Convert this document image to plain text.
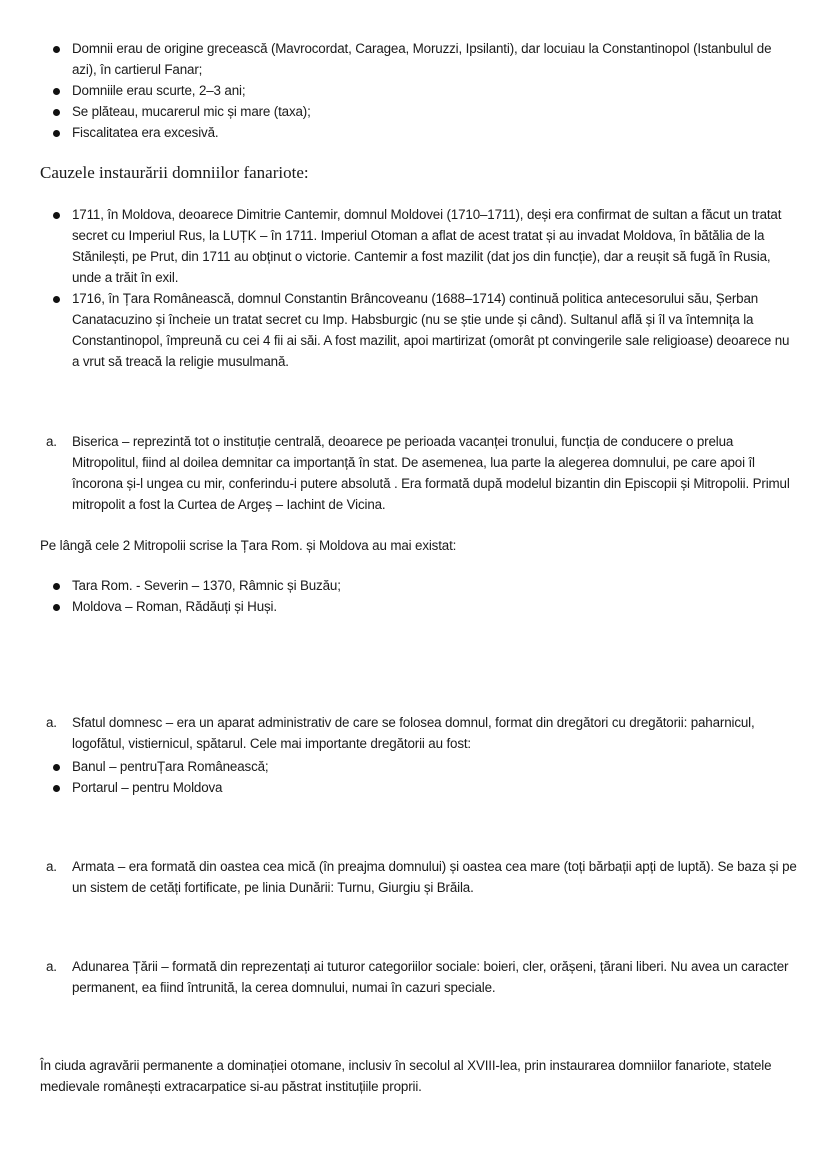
Domnii erau de origine grecească (Mavrocordat, Caragea, Moruzzi, Ipsilanti), dar locuiau la Constantinopol (Istanbulul de azi), în cartierul Fanar;
Domniile erau scurte, 2–3 ani;
Se plăteau, mucarerul mic și mare (taxa);
Fiscalitatea era excesivă.
Cauzele instaurării domniilor fanariote:
1711, în Moldova, deoarece Dimitrie Cantemir, domnul Moldovei (1710–1711), deși era confirmat de sultan a făcut un tratat secret cu Imperiul Rus, la LUȚK – în 1711. Imperiul Otoman a aflat de acest tratat și au invadat Moldova, în bătălia de la Stănilești, pe Prut, din 1711 au obținut o victorie. Cantemir a fost mazilit (dat jos din funcție), dar a reușit să fugă în Rusia, unde a trăit în exil.
1716, în Țara Românească, domnul Constantin Brâncoveanu (1688–1714) continuă politica antecesorului său, Șerban Canatacuzino și încheie un tratat secret cu Imp. Habsburgic (nu se știe unde și când). Sultanul află și îl va întemnița la Constantinopol, împreună cu cei 4 fii ai săi. A fost mazilit, apoi martirizat (omorât pt convingerile sale religioase) deoarece nu a vrut să treacă la religie musulmană.
a. Biserica – reprezintă tot o instituție centrală, deoarece pe perioada vacanței tronului, funcția de conducere o prelua Mitropolitul, fiind al doilea demnitar ca importanță în stat. De asemenea, lua parte la alegerea domnului, pe care apoi îl încorona și-l ungea cu mir, conferindu-i putere absolută . Era formată după modelul bizantin din Episcopii și Mitropolii. Primul mitropolit a fost la Curtea de Argeș – Iachint de Vicina.
Pe lângă cele 2 Mitropolii scrise la Țara Rom. și Moldova au mai existat:
Tara Rom. - Severin – 1370, Râmnic și Buzău;
Moldova – Roman, Rădăuți și Huși.
a. Sfatul domnesc – era un aparat administrativ de care se folosea domnul, format din dregători cu dregătorii: paharnicul, logofătul, vistiernicul, spătarul. Cele mai importante dregătorii au fost:
Banul – pentruȚara Românească;
Portarul – pentru Moldova
a. Armata – era formată din oastea cea mică (în preajma domnului) și oastea cea mare (toți bărbații apți de luptă). Se baza și pe un sistem de cetăți fortificate, pe linia Dunării: Turnu, Giurgiu și Brăila.
a. Adunarea Țării – formată din reprezentați ai tuturor categoriilor sociale: boieri, cler, orășeni, țărani liberi. Nu avea un caracter permanent, ea fiind întrunită, la cerea domnului, numai în cazuri speciale.
În ciuda agravării permanente a dominației otomane, inclusiv în secolul al XVIII-lea, prin instaurarea domniilor fanariote, statele medievale românești extracarpatice si-au păstrat instituțiile proprii.
